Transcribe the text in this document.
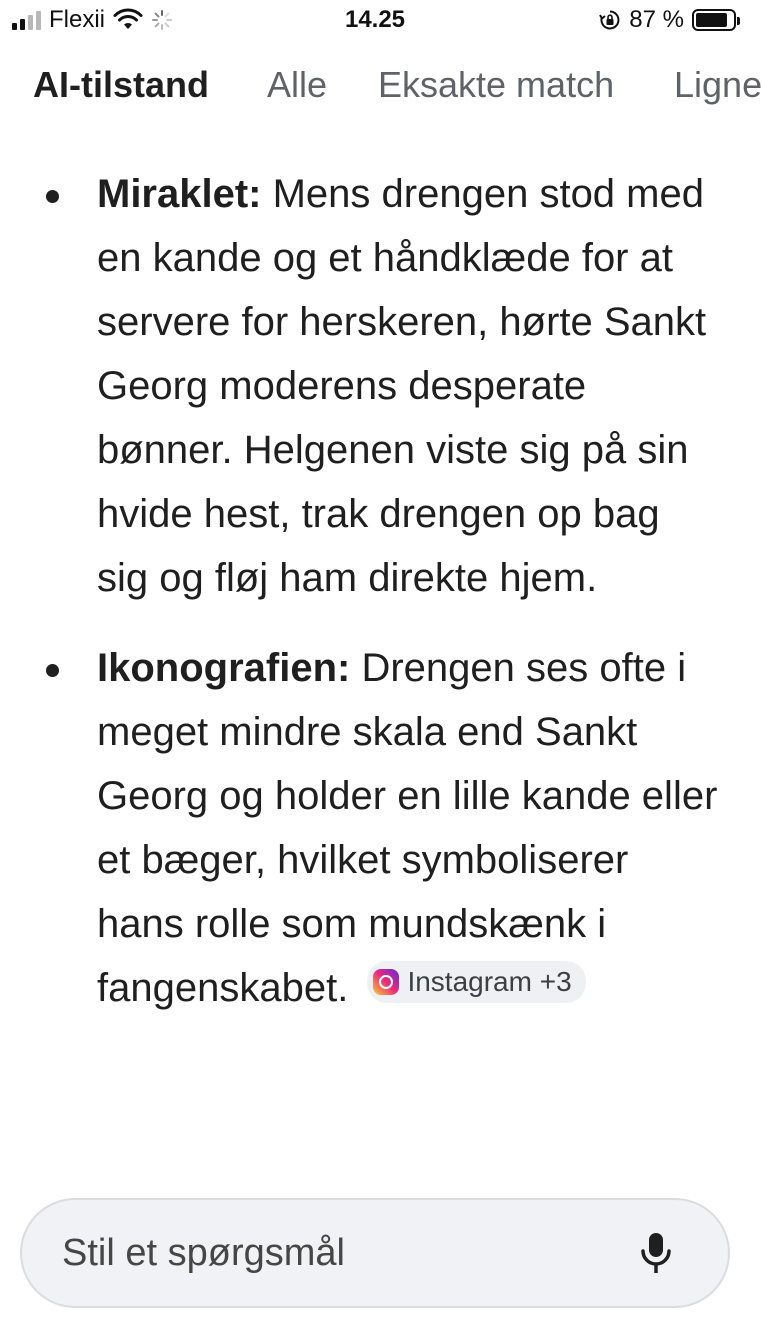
Flexii	14.25	87 %
AI-tilstand Alle Eksakte match Ligne
Miraklet: Mens drengen stod med en kande og et håndklæde for at servere for herskeren, hørte Sankt Georg moderens desperate bønner. Helgenen viste sig på sin hvide hest, trak drengen op bag sig og fløj ham direkte hjem.
Ikonografien: Drengen ses ofte i meget mindre skala end Sankt Georg og holder en lille kande eller et bæger, hvilket symboliserer hans rolle som mundskænk i fangenskabet. Instagram +3
Stil et spørgsmål
